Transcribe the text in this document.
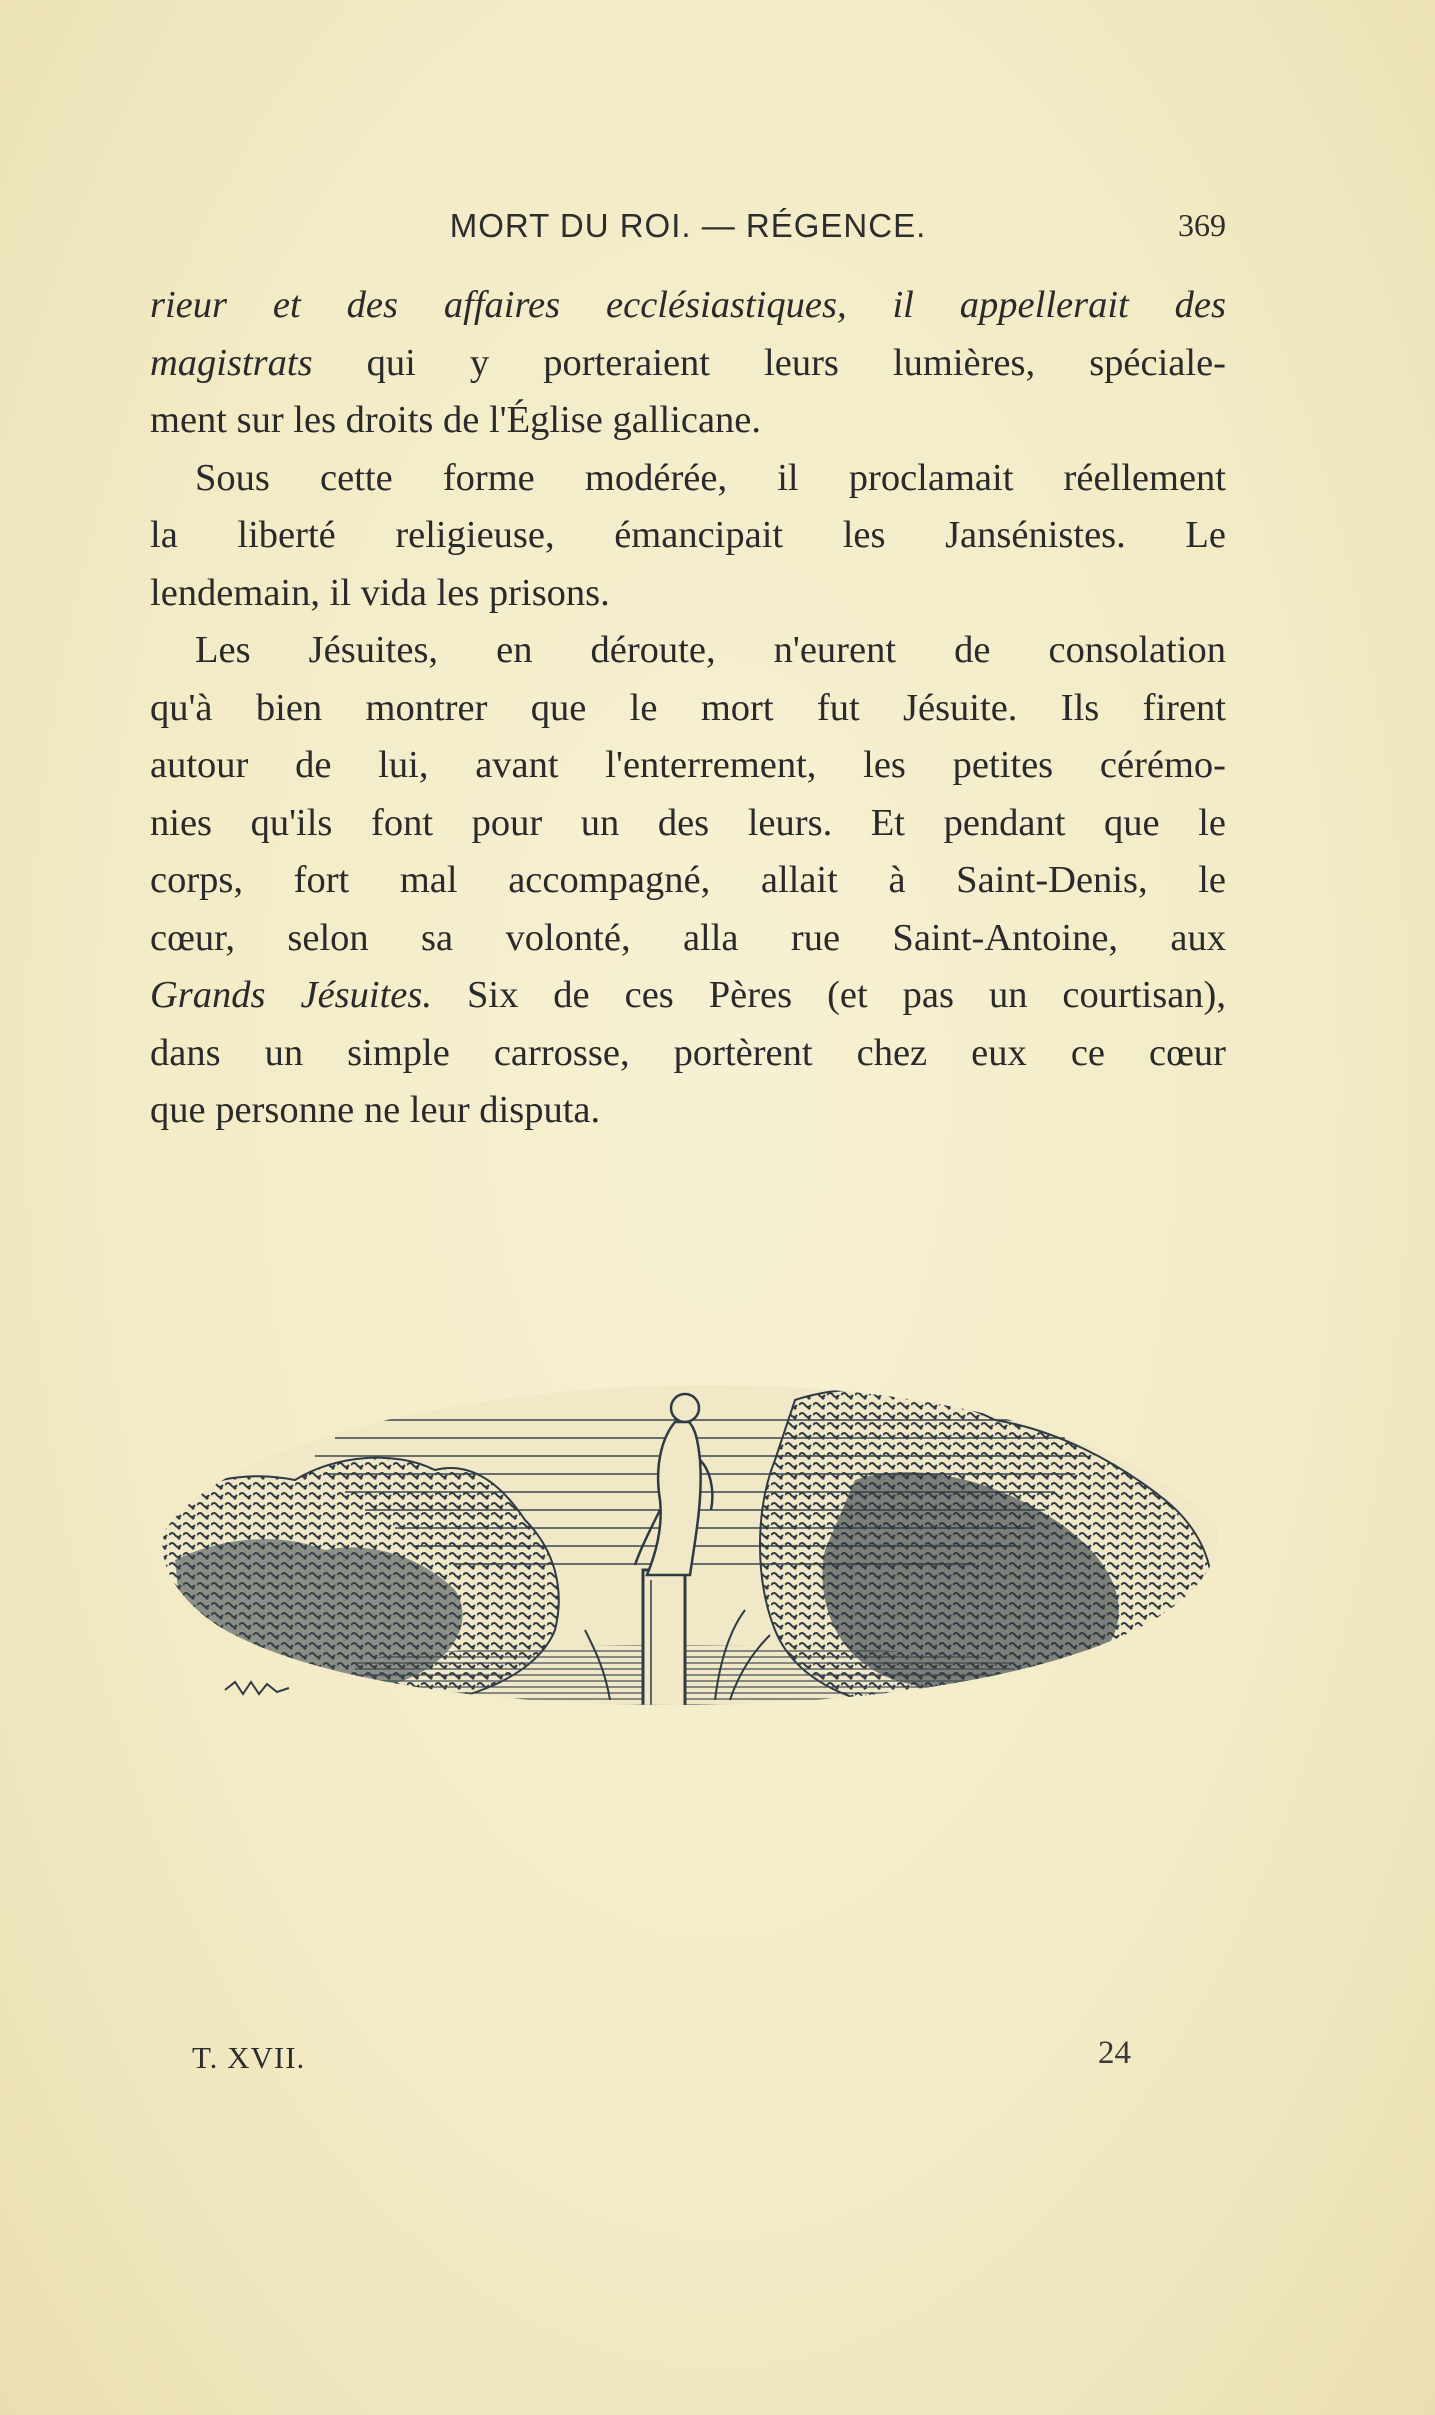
MORT DU ROI. — RÉGENCE.	369
rieur et des affaires ecclésiastiques, il appellerait des
magistrats qui y porteraient leurs lumières, spéciale-
ment sur les droits de l'Église gallicane.
Sous cette forme modérée, il proclamait réellement
la liberté religieuse, émancipait les Jansénistes. Le
lendemain, il vida les prisons.
Les Jésuites, en déroute, n'eurent de consolation
qu'à bien montrer que le mort fut Jésuite. Ils firent
autour de lui, avant l'enterrement, les petites cérémo-
nies qu'ils font pour un des leurs. Et pendant que le
corps, fort mal accompagné, allait à Saint-Denis, le
cœur, selon sa volonté, alla rue Saint-Antoine, aux
Grands Jésuites. Six de ces Pères (et pas un courtisan),
dans un simple carrosse, portèrent chez eux ce cœur
que personne ne leur disputa.
T. XVII.	24
